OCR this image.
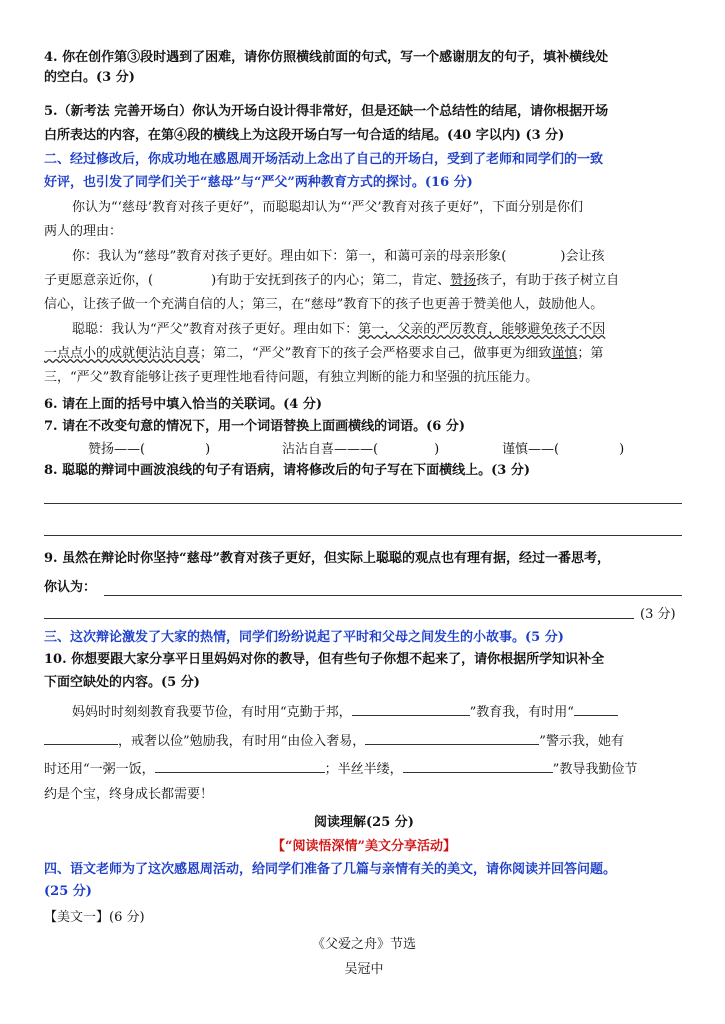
4. 你在创作第③段时遇到了困难，请你仿照横线前面的句式，写一个感谢朋友的句子，填补横线处
的空白。(3 分)
5.（新考法 完善开场白）你认为开场白设计得非常好，但是还缺一个总结性的结尾，请你根据开场
白所表达的内容，在第④段的横线上为这段开场白写一句合适的结尾。(40 字以内) (3 分)
二、经过修改后，你成功地在感恩周开场活动上念出了自己的开场白，受到了老师和同学们的一致
好评，也引发了同学们关于“慈母”与“严父”两种教育方式的探讨。(16 分)
你认为“‘慈母’教育对孩子更好”，而聪聪却认为“‘严父’教育对孩子更好”，下面分别是你们
两人的理由：
你：我认为“慈母”教育对孩子更好。理由如下：第一，和蔼可亲的母亲形象(	)会让孩
子更愿意亲近你，(	)有助于安抚到孩子的内心；第二，肯定、赞扬孩子，有助于孩子树立自
信心，让孩子做一个充满自信的人；第三，在“慈母”教育下的孩子也更善于赞美他人，鼓励他人。
聪聪：我认为“严父”教育对孩子更好。理由如下：第一，父亲的严厉教育，能够避免孩子不因
一点点小的成就便沾沾自喜；第二，“严父”教育下的孩子会严格要求自己，做事更为细致谨慎；第
三，“严父”教育能够让孩子更理性地看待问题，有独立判断的能力和坚强的抗压能力。
6. 请在上面的括号中填入恰当的关联词。(4 分)
7. 请在不改变句意的情况下，用一个词语替换上面画横线的词语。(6 分)
赞扬——(	)	沾沾自喜———(	)	谨慎——(	)
8. 聪聪的辩词中画波浪线的句子有语病，请将修改后的句子写在下面横线上。(3 分)
9. 虽然在辩论时你坚持“慈母”教育对孩子更好，但实际上聪聪的观点也有理有据，经过一番思考，
你认为：
(3 分)
三、这次辩论激发了大家的热情，同学们纷纷说起了平时和父母之间发生的小故事。(5 分)
10. 你想要跟大家分享平日里妈妈对你的教导，但有些句子你想不起来了，请你根据所学知识补全
下面空缺处的内容。(5 分)
妈妈时时刻刻教育我要节俭，有时用“克勤于邦，	”教育我，有时用“
，戒奢以俭”勉励我，有时用“由俭入奢易，	”警示我，她有
时还用“一粥一饭，	；半丝半缕，	”教导我勤俭节
约是个宝，终身成长都需要！
阅读理解(25 分)
【“阅读悟深情”美文分享活动】
四、语文老师为了这次感恩周活动，给同学们准备了几篇与亲情有关的美文，请你阅读并回答问题。
(25 分)
【美文一】(6 分)
《父爱之舟》节选
吴冠中
